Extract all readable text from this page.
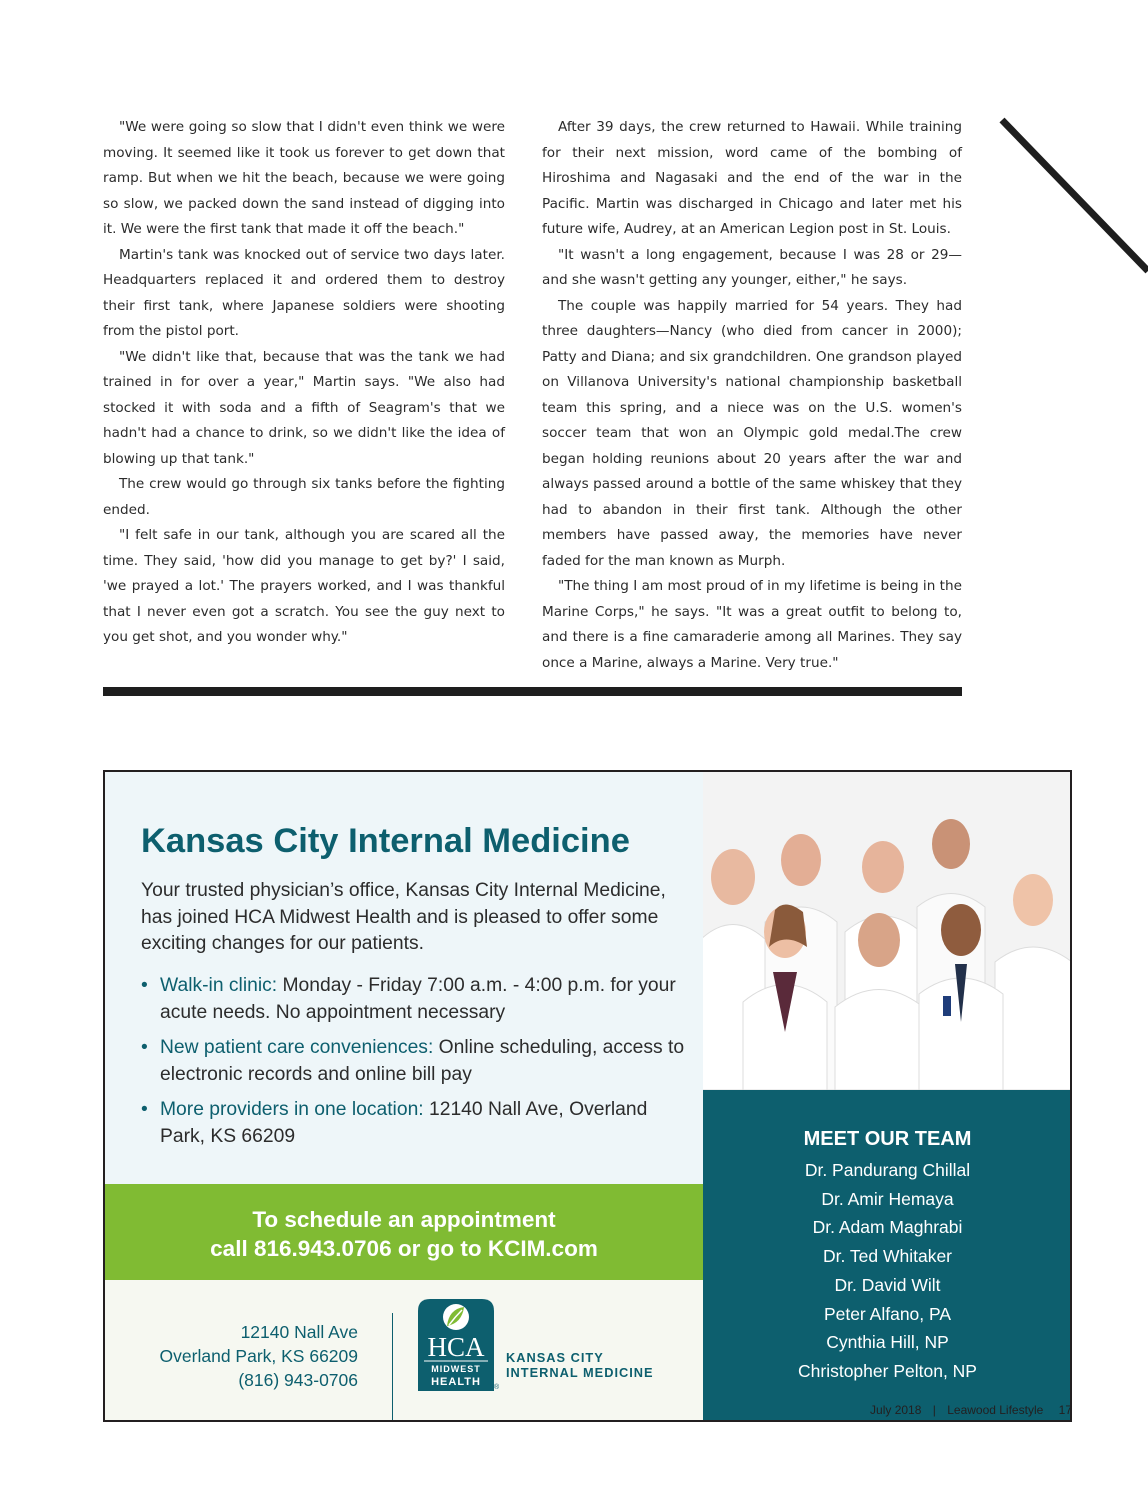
"We were going so slow that I didn't even think we were moving. It seemed like it took us forever to get down that ramp. But when we hit the beach, because we were going so slow, we packed down the sand instead of digging into it. We were the first tank that made it off the beach."

Martin's tank was knocked out of service two days later. Headquarters replaced it and ordered them to destroy their first tank, where Japanese soldiers were shooting from the pistol port.

"We didn't like that, because that was the tank we had trained in for over a year," Martin says. "We also had stocked it with soda and a fifth of Seagram's that we hadn't had a chance to drink, so we didn't like the idea of blowing up that tank."

The crew would go through six tanks before the fighting ended.

"I felt safe in our tank, although you are scared all the time. They said, 'how did you manage to get by?' I said, 'we prayed a lot.' The prayers worked, and I was thankful that I never even got a scratch. You see the guy next to you get shot, and you wonder why."

After 39 days, the crew returned to Hawaii. While training for their next mission, word came of the bombing of Hiroshima and Nagasaki and the end of the war in the Pacific. Martin was discharged in Chicago and later met his future wife, Audrey, at an American Legion post in St. Louis.

"It wasn't a long engagement, because I was 28 or 29—and she wasn't getting any younger, either," he says.

The couple was happily married for 54 years. They had three daughters—Nancy (who died from cancer in 2000); Patty and Diana; and six grandchildren. One grandson played on Villanova University's national championship basketball team this spring, and a niece was on the U.S. women's soccer team that won an Olympic gold medal.The crew began holding reunions about 20 years after the war and always passed around a bottle of the same whiskey that they had to abandon in their first tank. Although the other members have passed away, the memories have never faded for the man known as Murph.

"The thing I am most proud of in my lifetime is being in the Marine Corps," he says. "It was a great outfit to belong to, and there is a fine camaraderie among all Marines. They say once a Marine, always a Marine. Very true."

Kansas City Internal Medicine

Your trusted physician’s office, Kansas City Internal Medicine, has joined HCA Midwest Health and is pleased to offer some exciting changes for our patients.

• Walk-in clinic: Monday - Friday 7:00 a.m. - 4:00 p.m. for your acute needs. No appointment necessary
• New patient care conveniences: Online scheduling, access to electronic records and online bill pay
• More providers in one location: 12140 Nall Ave, Overland Park, KS 66209
To schedule an appointment
call 816.943.0706 or go to KCIM.com
12140 Nall Ave
Overland Park, KS 66209
(816) 943-0706
HCA
MIDWEST
HEALTH ®
KANSAS CITY
INTERNAL MEDICINE
MEET OUR TEAM
Dr. Pandurang Chillal
Dr. Amir Hemaya
Dr. Adam Maghrabi
Dr. Ted Whitaker
Dr. David Wilt
Peter Alfano, PA
Cynthia Hill, NP
Christopher Pelton, NP
July 2018 | Leawood Lifestyle 17
